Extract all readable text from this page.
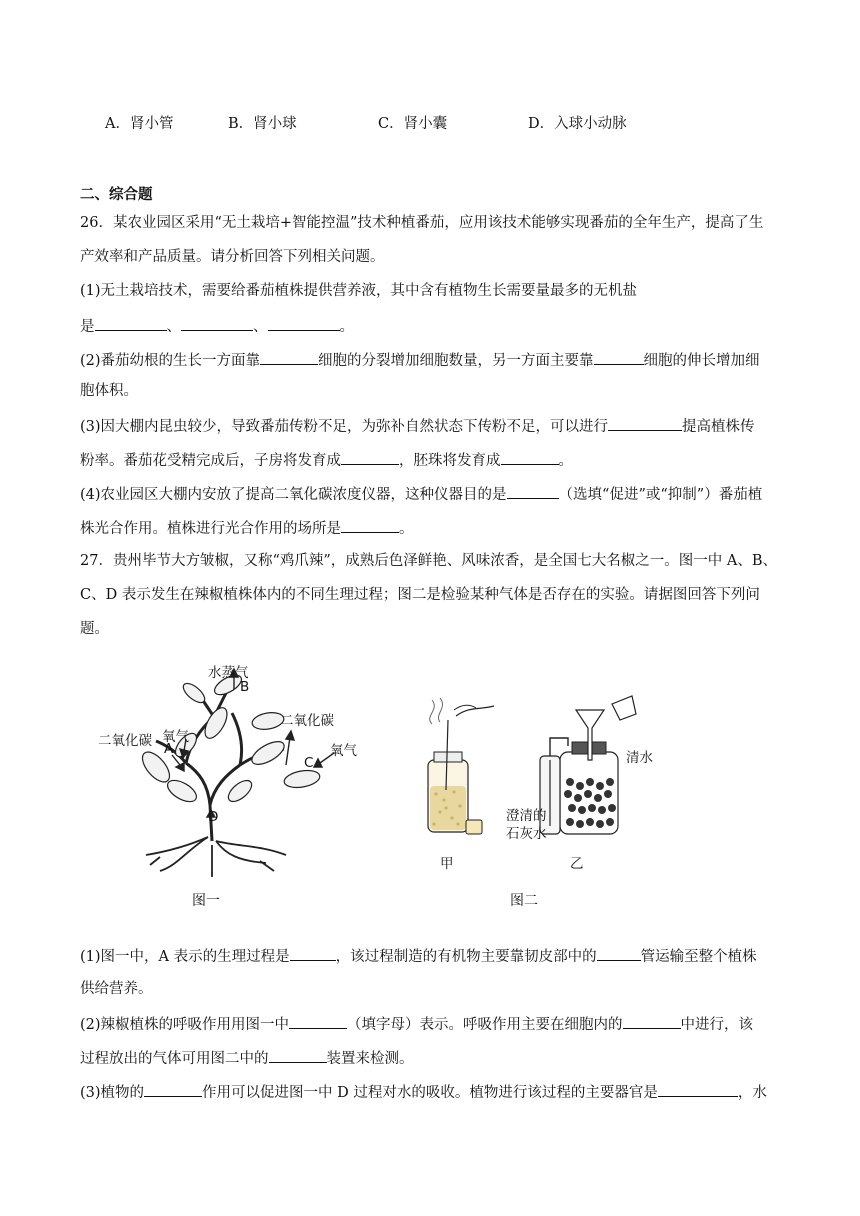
A．肾小管	B．肾小球	C．肾小囊	D．入球小动脉
二、综合题
26．某农业园区采用“无土栽培+智能控温”技术种植番茄，应用该技术能够实现番茄的全年生产，提高了生
产效率和产品质量。请分析回答下列相关问题。
(1)无土栽培技术，需要给番茄植株提供营养液，其中含有植物生长需要量最多的无机盐
是	、	、	。
(2)番茄幼根的生长一方面靠	细胞的分裂增加细胞数量，另一方面主要靠	细胞的伸长增加细
胞体积。
(3)因大棚内昆虫较少，导致番茄传粉不足，为弥补自然状态下传粉不足，可以进行	提高植株传
粉率。番茄花受精完成后，子房将发育成	，胚珠将发育成	。
(4)农业园区大棚内安放了提高二氧化碳浓度仪器，这种仪器目的是	（选填“促进”或“抑制”）番茄植
株光合作用。植株进行光合作用的场所是	。
27．贵州毕节大方皱椒，又称“鸡爪辣”，成熟后色泽鲜艳、风味浓香，是全国七大名椒之一。图一中 A、B、
C、D 表示发生在辣椒植株体内的不同生理过程；图二是检验某种气体是否存在的实验。请据图回答下列问
题。
水蒸气
B
氧气
二氧化碳 A
二氧化碳
氧气
C
D
图一
清水
澄清的
石灰水
甲	乙
图二
(1)图一中，A 表示的生理过程是	，该过程制造的有机物主要靠韧皮部中的	管运输至整个植株
供给营养。
(2)辣椒植株的呼吸作用用图一中	（填字母）表示。呼吸作用主要在细胞内的	中进行，该
过程放出的气体可用图二中的	装置来检测。
(3)植物的	作用可以促进图一中 D 过程对水的吸收。植物进行该过程的主要器官是	，水
